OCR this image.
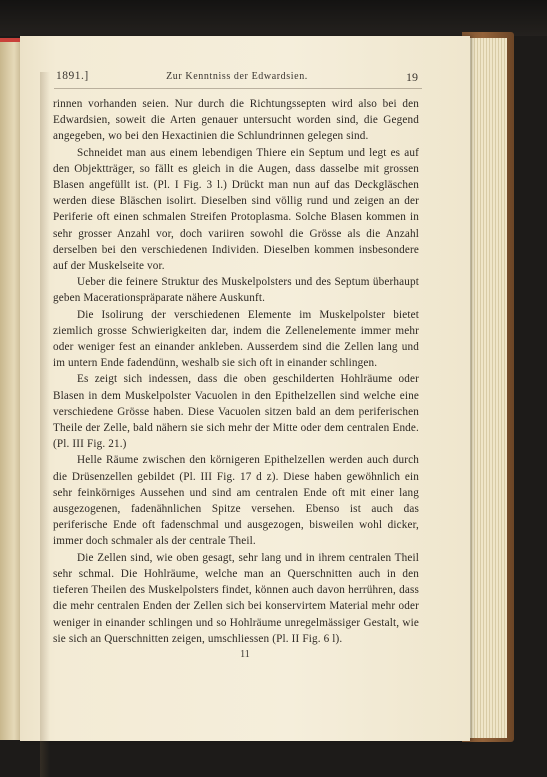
1891.]	Zur Kenntniss der Edwardsien.	19

rinnen vorhanden seien. Nur durch die Richtungssepten wird also bei den Edwardsien, soweit die Arten genauer untersucht worden sind, die Gegend angegeben, wo bei den Hexactinien die Schlundrinnen gelegen sind.

Schneidet man aus einem lebendigen Thiere ein Septum und legt es auf den Objektträger, so fällt es gleich in die Augen, dass dasselbe mit grossen Blasen angefüllt ist. (Pl. I Fig. 3 l.) Drückt man nun auf das Deckgläschen werden diese Bläschen isolirt. Dieselben sind völlig rund und zeigen an der Periferie oft einen schmalen Streifen Protoplasma. Solche Blasen kommen in sehr grosser Anzahl vor, doch variiren sowohl die Grösse als die Anzahl derselben bei den verschiedenen Individen. Dieselben kommen insbesondere auf der Muskelseite vor.

Ueber die feinere Struktur des Muskelpolsters und des Septum überhaupt geben Macerationspräparate nähere Auskunft.

Die Isolirung der verschiedenen Elemente im Muskelpolster bietet ziemlich grosse Schwierigkeiten dar, indem die Zellenelemente immer mehr oder weniger fest an einander ankleben. Ausserdem sind die Zellen lang und im untern Ende fadendünn, weshalb sie sich oft in einander schlingen.

Es zeigt sich indessen, dass die oben geschilderten Hohlräume oder Blasen in dem Muskelpolster Vacuolen in den Epithelzellen sind welche eine verschiedene Grösse haben. Diese Vacuolen sitzen bald an dem periferischen Theile der Zelle, bald nähern sie sich mehr der Mitte oder dem centralen Ende. (Pl. III Fig. 21.)

Helle Räume zwischen den körnigeren Epithelzellen werden auch durch die Drüsenzellen gebildet (Pl. III Fig. 17 d z). Diese haben gewöhnlich ein sehr feinkörniges Aussehen und sind am centralen Ende oft mit einer lang ausgezogenen, fadenähnlichen Spitze versehen. Ebenso ist auch das periferische Ende oft fadenschmal und ausgezogen, bisweilen wohl dicker, immer doch schmaler als der centrale Theil.

Die Zellen sind, wie oben gesagt, sehr lang und in ihrem centralen Theil sehr schmal. Die Hohlräume, welche man an Querschnitten auch in den tieferen Theilen des Muskelpolsters findet, können auch davon herrühren, dass die mehr centralen Enden der Zellen sich bei konservirtem Material mehr oder weniger in einander schlingen und so Hohlräume unregelmässiger Gestalt, wie sie sich an Querschnitten zeigen, umschliessen (Pl. II Fig. 6 l).

11
